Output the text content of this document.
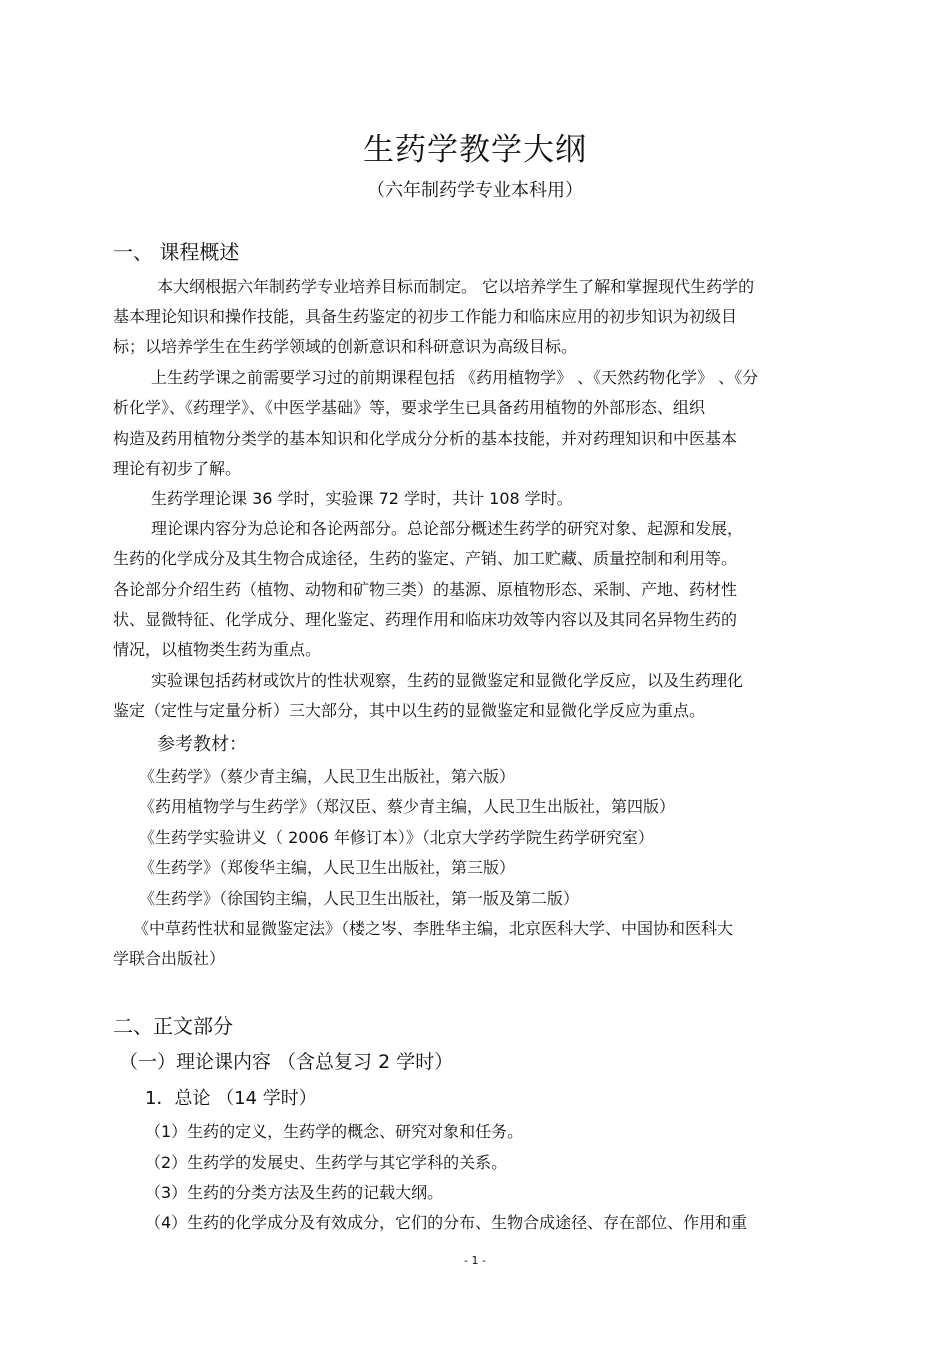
生药学教学大纲
（六年制药学专业本科用）
一、 课程概述
本大纲根据六年制药学专业培养目标而制定。 它以培养学生了解和掌握现代生药学的
基本理论知识和操作技能，具备生药鉴定的初步工作能力和临床应用的初步知识为初级目
标；以培养学生在生药学领域的创新意识和科研意识为高级目标。
上生药学课之前需要学习过的前期课程包括 《药用植物学》 、《天然药物化学》 、《分
析化学》、《药理学》、《中医学基础》等，要求学生已具备药用植物的外部形态、组织
构造及药用植物分类学的基本知识和化学成分分析的基本技能，并对药理知识和中医基本
理论有初步了解。
生药学理论课 36 学时，实验课 72 学时，共计 108 学时。
理论课内容分为总论和各论两部分。总论部分概述生药学的研究对象、起源和发展，
生药的化学成分及其生物合成途径，生药的鉴定、产销、加工贮藏、质量控制和利用等。
各论部分介绍生药（植物、动物和矿物三类）的基源、原植物形态、采制、产地、药材性
状、显微特征、化学成分、理化鉴定、药理作用和临床功效等内容以及其同名异物生药的
情况，以植物类生药为重点。
实验课包括药材或饮片的性状观察，生药的显微鉴定和显微化学反应，以及生药理化
鉴定（定性与定量分析）三大部分，其中以生药的显微鉴定和显微化学反应为重点。
参考教材：
《生药学》（蔡少青主编，人民卫生出版社，第六版）
《药用植物学与生药学》（郑汉臣、蔡少青主编，人民卫生出版社，第四版）
《生药学实验讲义（ 2006 年修订本）》（北京大学药学院生药学研究室）
《生药学》（郑俊华主编，人民卫生出版社，第三版）
《生药学》（徐国钧主编，人民卫生出版社，第一版及第二版）
《中草药性状和显微鉴定法》（楼之岑、李胜华主编，北京医科大学、中国协和医科大
学联合出版社）
二、正文部分
（一）理论课内容 （含总复习 2 学时）
1．总论 （14 学时）
（1）生药的定义，生药学的概念、研究对象和任务。
（2）生药学的发展史、生药学与其它学科的关系。
（3）生药的分类方法及生药的记载大纲。
（4）生药的化学成分及有效成分，它们的分布、生物合成途径、存在部位、作用和重
- 1 -
